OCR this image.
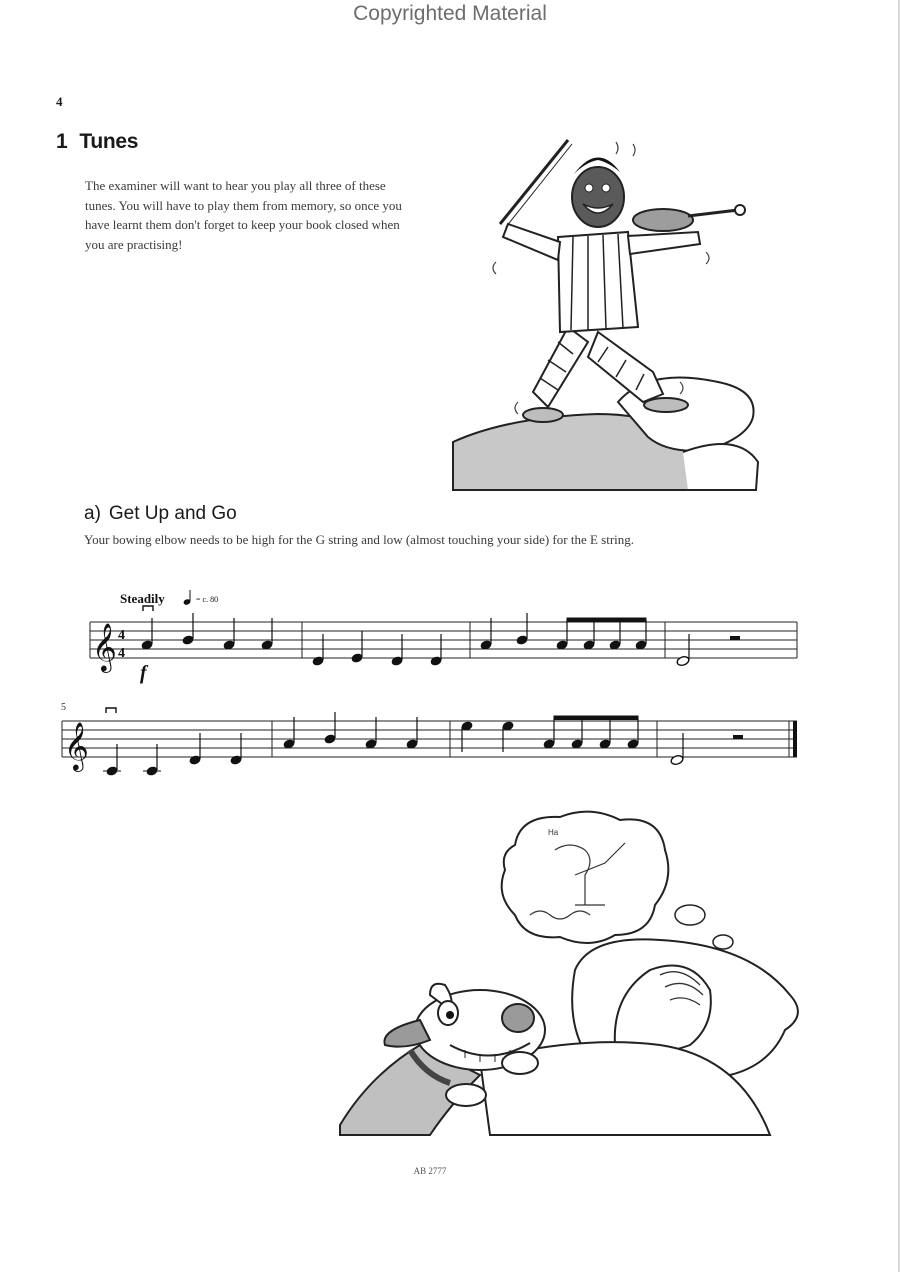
Copyrighted Material
4
1 Tunes
The examiner will want to hear you play all three of these tunes. You will have to play them from memory, so once you have learnt them don't forget to keep your book closed when you are practising!
a) Get Up and Go
Your bowing elbow needs to be high for the G string and low (almost touching your side) for the E string.
Steadily	= c. 80
𝄞 4
4
f
5
𝄞
Ha
AB 2777
